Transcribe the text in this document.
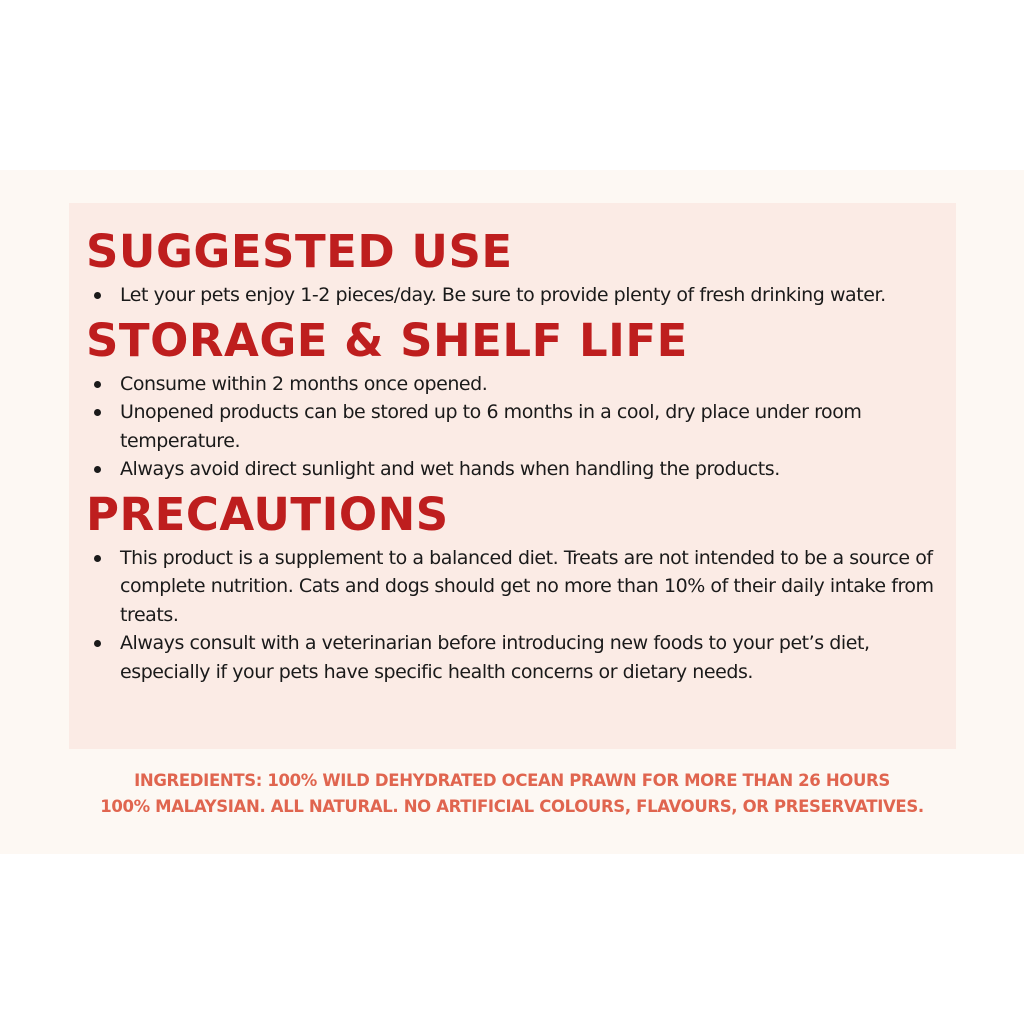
SUGGESTED USE
Let your pets enjoy 1-2 pieces/day. Be sure to provide plenty of fresh drinking water.
STORAGE & SHELF LIFE
Consume within 2 months once opened.
Unopened products can be stored up to 6 months in a cool, dry place under room temperature.
Always avoid direct sunlight and wet hands when handling the products.
PRECAUTIONS
This product is a supplement to a balanced diet. Treats are not intended to be a source of complete nutrition. Cats and dogs should get no more than 10% of their daily intake from treats.
Always consult with a veterinarian before introducing new foods to your pet’s diet, especially if your pets have specific health concerns or dietary needs.
INGREDIENTS: 100% WILD DEHYDRATED OCEAN PRAWN FOR MORE THAN 26 HOURS
100% MALAYSIAN. ALL NATURAL. NO ARTIFICIAL COLOURS, FLAVOURS, OR PRESERVATIVES.
